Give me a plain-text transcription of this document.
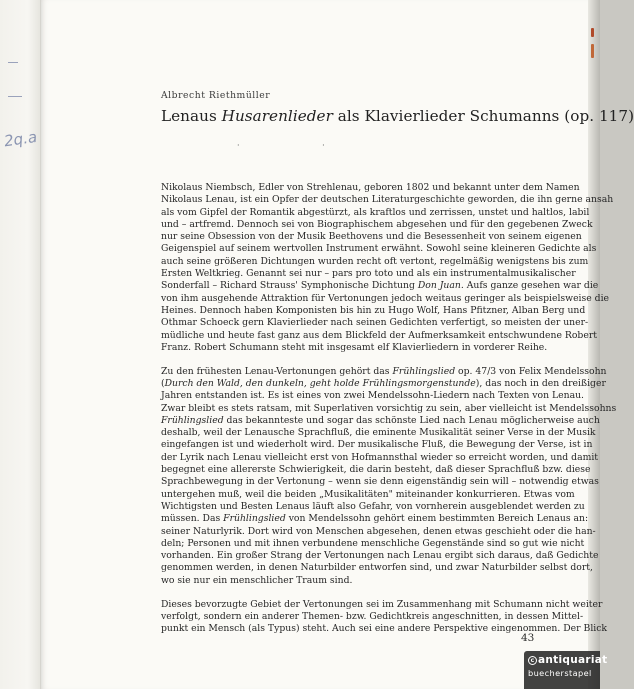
2q.a
Albrecht Riethmüller
Lenaus Husarenlieder als Klavierlieder Schumanns (op. 117)
· ·
Nikolaus Niembsch, Edler von Strehlenau, geboren 1802 und bekannt unter dem Namen
Nikolaus Lenau, ist ein Opfer der deutschen Literaturgeschichte geworden, die ihn gerne ansah
als vom Gipfel der Romantik abgestürzt, als kraftlos und zerrissen, unstet und haltlos, labil
und – artfremd. Dennoch sei von Biographischem abgesehen und für den gegebenen Zweck
nur seine Obsession von der Musik Beethovens und die Besessenheit von seinem eigenen
Geigenspiel auf seinem wertvollen Instrument erwähnt. Sowohl seine kleineren Gedichte als
auch seine größeren Dichtungen wurden recht oft vertont, regelmäßig wenigstens bis zum
Ersten Weltkrieg. Genannt sei nur – pars pro toto und als ein instrumentalmusikalischer
Sonderfall – Richard Strauss' Symphonische Dichtung Don Juan. Aufs ganze gesehen war die
von ihm ausgehende Attraktion für Vertonungen jedoch weitaus geringer als beispielsweise die
Heines. Dennoch haben Komponisten bis hin zu Hugo Wolf, Hans Pfitzner, Alban Berg und
Othmar Schoeck gern Klavierlieder nach seinen Gedichten verfertigt, so meisten der uner-
müdliche und heute fast ganz aus dem Blickfeld der Aufmerksamkeit entschwundene Robert
Franz. Robert Schumann steht mit insgesamt elf Klavierliedern in vorderer Reihe.
Zu den frühesten Lenau-Vertonungen gehört das Frühlingslied op. 47/3 von Felix Mendelssohn
(Durch den Wald, den dunkeln, geht holde Frühlingsmorgenstunde), das noch in den dreißiger
Jahren entstanden ist. Es ist eines von zwei Mendelssohn-Liedern nach Texten von Lenau.
Zwar bleibt es stets ratsam, mit Superlativen vorsichtig zu sein, aber vielleicht ist Mendelssohns
Frühlingslied das bekannteste und sogar das schönste Lied nach Lenau möglicherweise auch
deshalb, weil der Lenausche Sprachfluß, die eminente Musikalität seiner Verse in der Musik
eingefangen ist und wiederholt wird. Der musikalische Fluß, die Bewegung der Verse, ist in
der Lyrik nach Lenau vielleicht erst von Hofmannsthal wieder so erreicht worden, und damit
begegnet eine allererste Schwierigkeit, die darin besteht, daß dieser Sprachfluß bzw. diese
Sprachbewegung in der Vertonung – wenn sie denn eigenständig sein will – notwendig etwas
untergehen muß, weil die beiden „Musikalitäten" miteinander konkurrieren. Etwas vom
Wichtigsten und Besten Lenaus läuft also Gefahr, von vornherein ausgeblendet werden zu
müssen. Das Frühlingslied von Mendelssohn gehört einem bestimmten Bereich Lenaus an:
seiner Naturlyrik. Dort wird von Menschen abgesehen, denen etwas geschieht oder die han-
deln; Personen und mit ihnen verbundene menschliche Gegenstände sind so gut wie nicht
vorhanden. Ein großer Strang der Vertonungen nach Lenau ergibt sich daraus, daß Gedichte
genommen werden, in denen Naturbilder entworfen sind, und zwar Naturbilder selbst dort,
wo sie nur ein menschlicher Traum sind.
Dieses bevorzugte Gebiet der Vertonungen sei im Zusammenhang mit Schumann nicht weiter
verfolgt, sondern ein anderer Themen- bzw. Gedichtkreis angeschnitten, in dessen Mittel-
punkt ein Mensch (als Typus) steht. Auch sei eine andere Perspektive eingenommen. Der Blick
43
c antiquariat
buecherstapel
